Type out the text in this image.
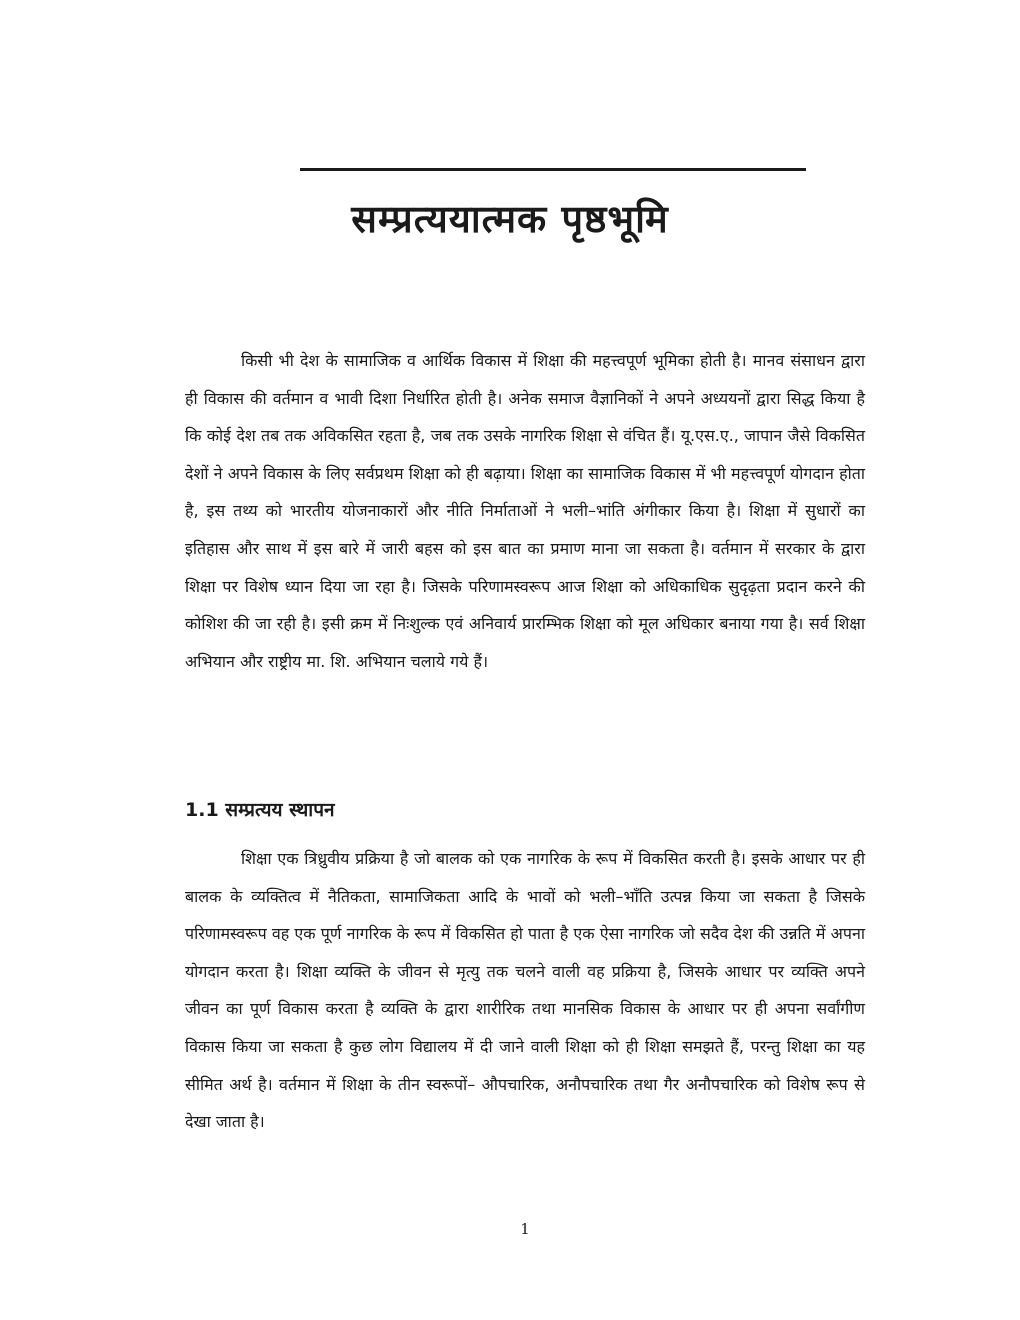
सम्प्रत्ययात्मक पृष्ठभूमि

किसी भी देश के सामाजिक व आर्थिक विकास में शिक्षा की महत्त्वपूर्ण भूमिका होती है। मानव संसाधन द्वारा ही विकास की वर्तमान व भावी दिशा निर्धारित होती है। अनेक समाज वैज्ञानिकों ने अपने अध्ययनों द्वारा सिद्ध किया है कि कोई देश तब तक अविकसित रहता है, जब तक उसके नागरिक शिक्षा से वंचित हैं। यू.एस.ए., जापान जैसे विकसित देशों ने अपने विकास के लिए सर्वप्रथम शिक्षा को ही बढ़ाया। शिक्षा का सामाजिक विकास में भी महत्त्वपूर्ण योगदान होता है, इस तथ्य को भारतीय योजनाकारों और नीति निर्माताओं ने भली–भांति अंगीकार किया है। शिक्षा में सुधारों का इतिहास और साथ में इस बारे में जारी बहस को इस बात का प्रमाण माना जा सकता है। वर्तमान में सरकार के द्वारा शिक्षा पर विशेष ध्यान दिया जा रहा है। जिसके परिणामस्वरूप आज शिक्षा को अधिकाधिक सुदृढ़ता प्रदान करने की कोशिश की जा रही है। इसी क्रम में निःशुल्क एवं अनिवार्य प्रारम्भिक शिक्षा को मूल अधिकार बनाया गया है। सर्व शिक्षा अभियान और राष्ट्रीय मा. शि. अभियान चलाये गये हैं।

1.1 सम्प्रत्यय स्थापन

शिक्षा एक त्रिध्रुवीय प्रक्रिया है जो बालक को एक नागरिक के रूप में विकसित करती है। इसके आधार पर ही बालक के व्यक्तित्व में नैतिकता, सामाजिकता आदि के भावों को भली–भाँति उत्पन्न किया जा सकता है जिसके परिणामस्वरूप वह एक पूर्ण नागरिक के रूप में विकसित हो पाता है एक ऐसा नागरिक जो सदैव देश की उन्नति में अपना योगदान करता है। शिक्षा व्यक्ति के जीवन से मृत्यु तक चलने वाली वह प्रक्रिया है, जिसके आधार पर व्यक्ति अपने जीवन का पूर्ण विकास करता है व्यक्ति के द्वारा शारीरिक तथा मानसिक विकास के आधार पर ही अपना सर्वांगीण विकास किया जा सकता है कुछ लोग विद्यालय में दी जाने वाली शिक्षा को ही शिक्षा समझते हैं, परन्तु शिक्षा का यह सीमित अर्थ है। वर्तमान में शिक्षा के तीन स्वरूपों– औपचारिक, अनौपचारिक तथा गैर अनौपचारिक को विशेष रूप से देखा जाता है।

1
